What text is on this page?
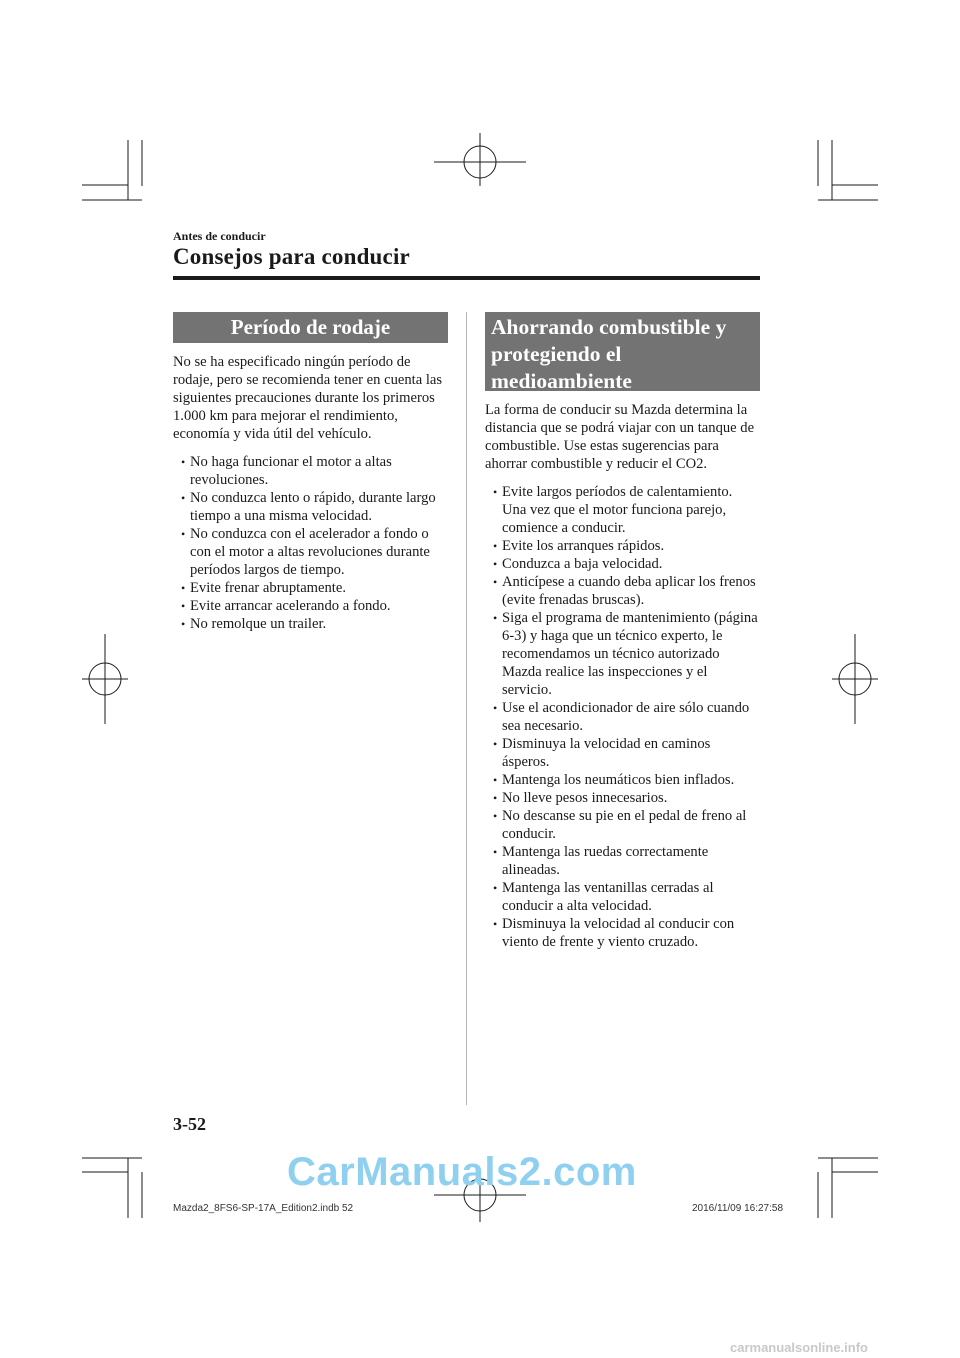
Antes de conducir
Consejos para conducir
Período de rodaje

No se ha especificado ningún período de rodaje, pero se recomienda tener en cuenta las siguientes precauciones durante los primeros 1.000 km para mejorar el rendimiento, economía y vida útil del vehículo.

• No haga funcionar el motor a altas revoluciones.
• No conduzca lento o rápido, durante largo tiempo a una misma velocidad.
• No conduzca con el acelerador a fondo o con el motor a altas revoluciones durante períodos largos de tiempo.
• Evite frenar abruptamente.
• Evite arrancar acelerando a fondo.
• No remolque un trailer.
Ahorrando combustible y protegiendo el medioambiente

La forma de conducir su Mazda determina la distancia que se podrá viajar con un tanque de combustible. Use estas sugerencias para ahorrar combustible y reducir el CO2.

• Evite largos períodos de calentamiento. Una vez que el motor funciona parejo, comience a conducir.
• Evite los arranques rápidos.
• Conduzca a baja velocidad.
• Anticípese a cuando deba aplicar los frenos (evite frenadas bruscas).
• Siga el programa de mantenimiento (página 6-3) y haga que un técnico experto, le recomendamos un técnico autorizado Mazda realice las inspecciones y el servicio.
• Use el acondicionador de aire sólo cuando sea necesario.
• Disminuya la velocidad en caminos ásperos.
• Mantenga los neumáticos bien inflados.
• No lleve pesos innecesarios.
• No descanse su pie en el pedal de freno al conducir.
• Mantenga las ruedas correctamente alineadas.
• Mantenga las ventanillas cerradas al conducir a alta velocidad.
• Disminuya la velocidad al conducir con viento de frente y viento cruzado.
3-52
CarManuals2.com
Mazda2_8FS6-SP-17A_Edition2.indb 52	2016/11/09 16:27:58
carmanualsonline.info
